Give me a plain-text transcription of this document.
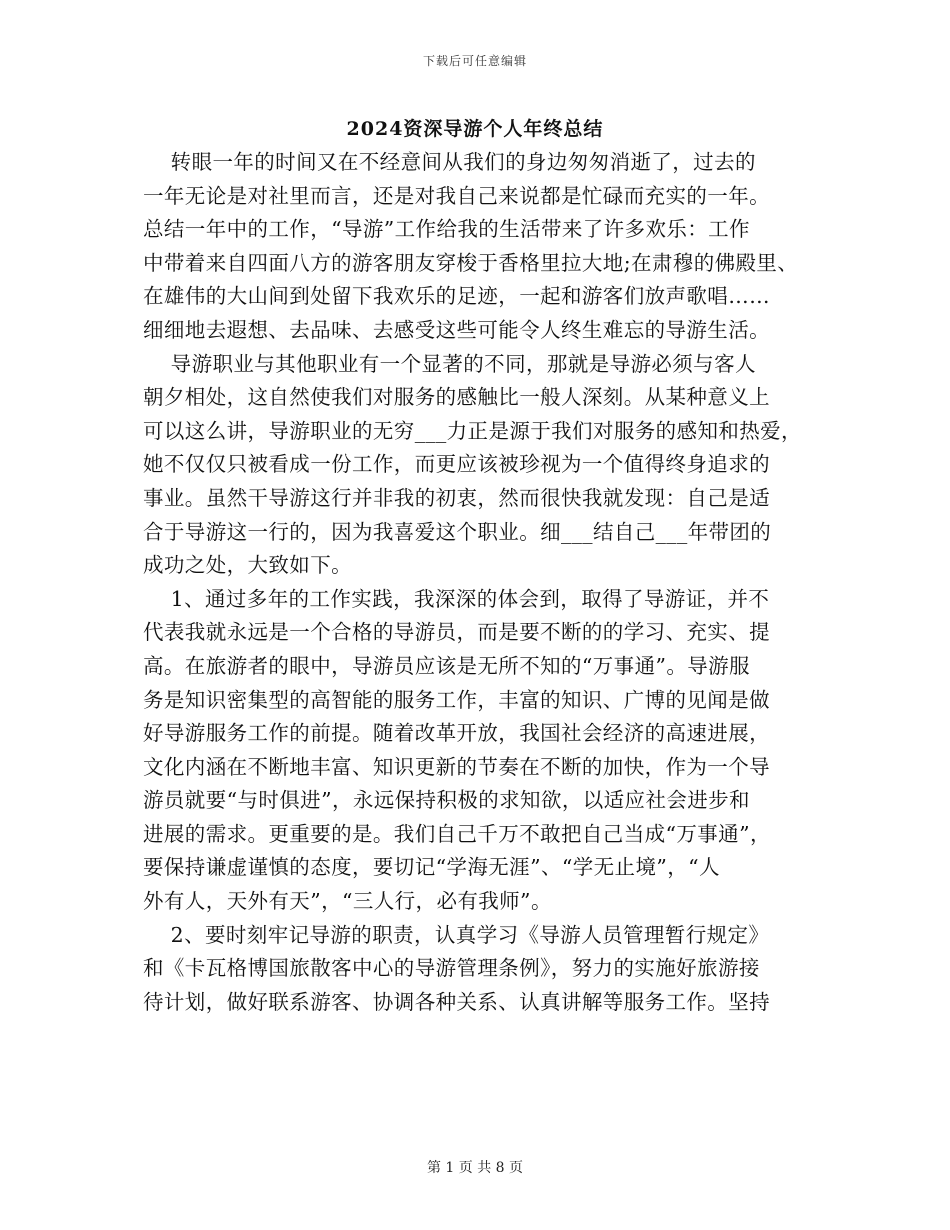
下载后可任意编辑
2024资深导游个人年终总结
转眼一年的时间又在不经意间从我们的身边匆匆消逝了，过去的
一年无论是对社里而言，还是对我自己来说都是忙碌而充实的一年。
总结一年中的工作，“导游”工作给我的生活带来了许多欢乐：工作
中带着来自四面八方的游客朋友穿梭于香格里拉大地;在肃穆的佛殿里、
在雄伟的大山间到处留下我欢乐的足迹，一起和游客们放声歌唱……
细细地去遐想、去品味、去感受这些可能令人终生难忘的导游生活。
导游职业与其他职业有一个显著的不同，那就是导游必须与客人
朝夕相处，这自然使我们对服务的感触比一般人深刻。从某种意义上
可以这么讲，导游职业的无穷___力正是源于我们对服务的感知和热爱，
她不仅仅只被看成一份工作，而更应该被珍视为一个值得终身追求的
事业。虽然干导游这行并非我的初衷，然而很快我就发现：自己是适
合于导游这一行的，因为我喜爱这个职业。细___结自己___年带团的
成功之处，大致如下。
1、通过多年的工作实践，我深深的体会到，取得了导游证，并不
代表我就永远是一个合格的导游员，而是要不断的的学习、充实、提
高。在旅游者的眼中，导游员应该是无所不知的“万事通”。导游服
务是知识密集型的高智能的服务工作，丰富的知识、广博的见闻是做
好导游服务工作的前提。随着改革开放，我国社会经济的高速进展，
文化内涵在不断地丰富、知识更新的节奏在不断的加快，作为一个导
游员就要“与时俱进”，永远保持积极的求知欲，以适应社会进步和
进展的需求。更重要的是。我们自己千万不敢把自己当成“万事通”，
要保持谦虚谨慎的态度，要切记“学海无涯”、“学无止境”，“人
外有人，天外有天”，“三人行，必有我师”。
2、要时刻牢记导游的职责，认真学习《导游人员管理暂行规定》
和《卡瓦格博国旅散客中心的导游管理条例》，努力的实施好旅游接
待计划，做好联系游客、协调各种关系、认真讲解等服务工作。坚持
第 1 页 共 8 页
